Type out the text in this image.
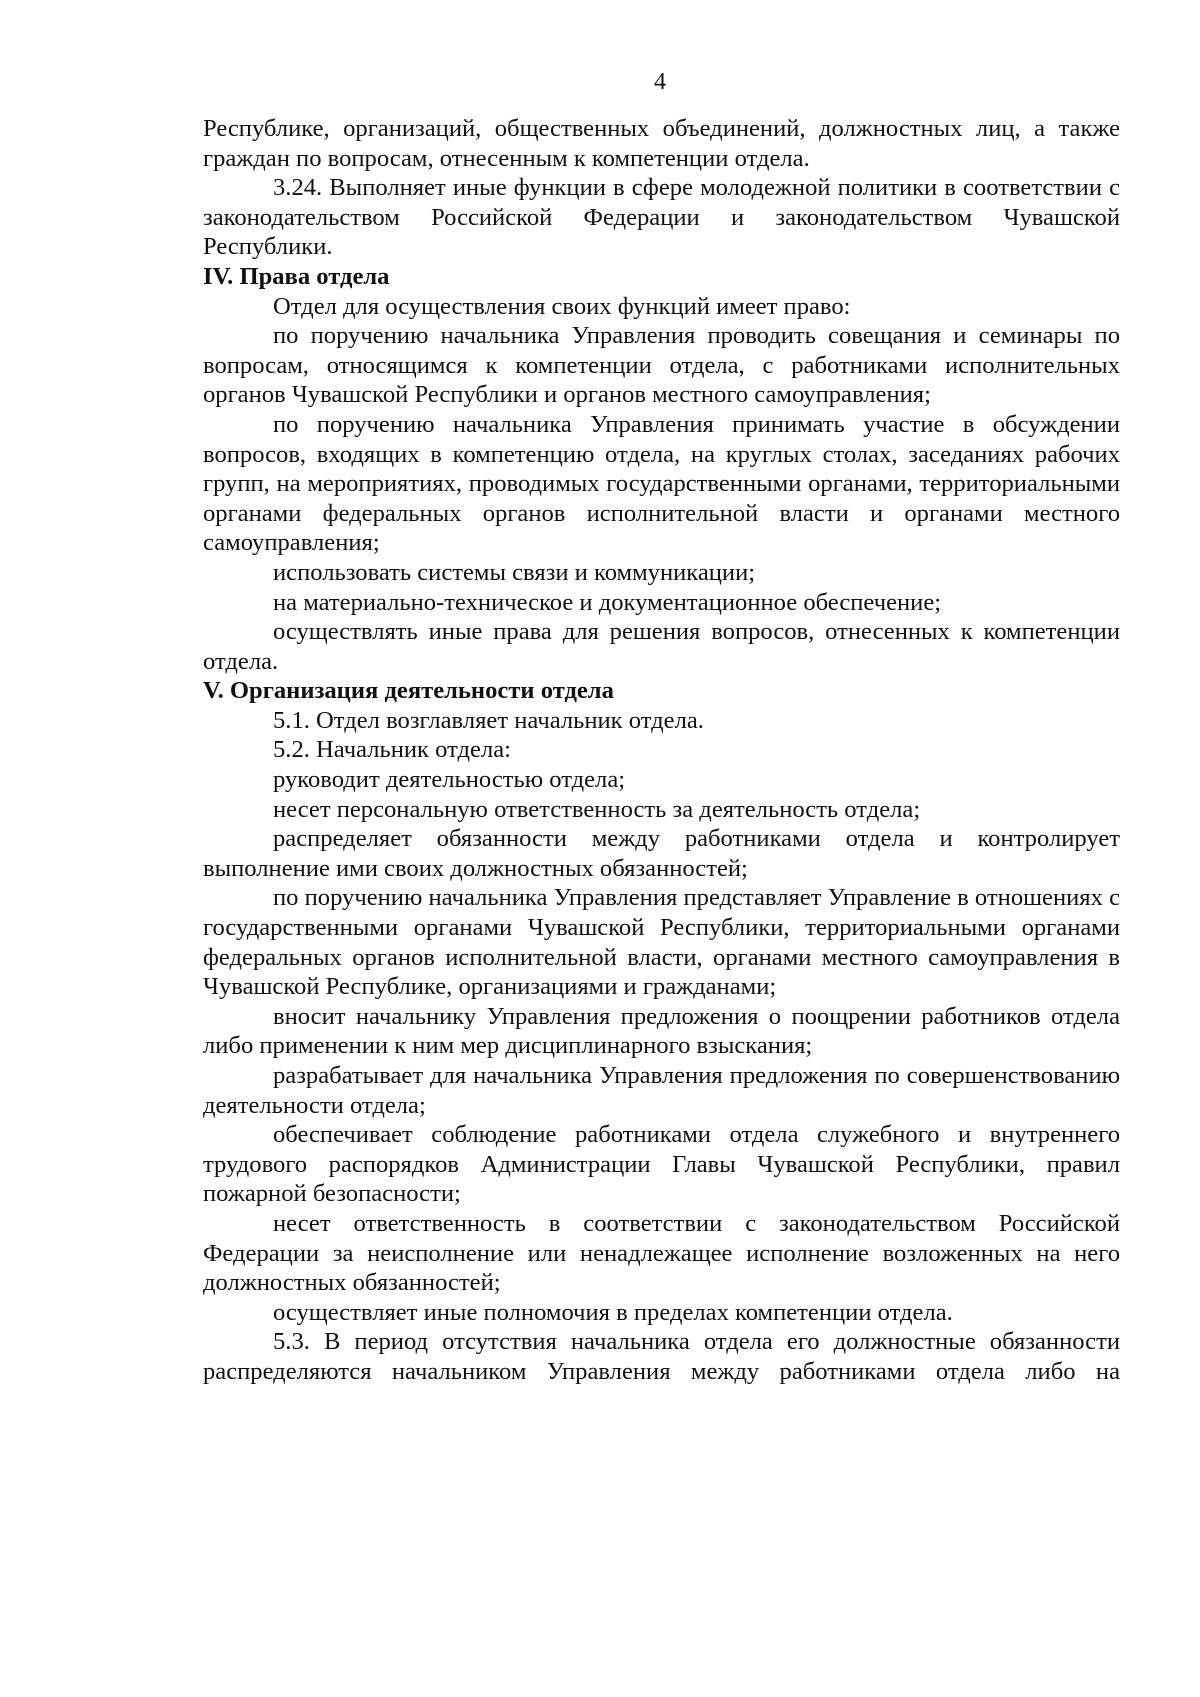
4

Республике, организаций, общественных объединений, должностных лиц, а также граждан по вопросам, отнесенным к компетенции отдела.

3.24. Выполняет иные функции в сфере молодежной политики в соответствии с законодательством Российской Федерации и законодательством Чувашской Республики.

IV. Права отдела

Отдел для осуществления своих функций имеет право:

по поручению начальника Управления проводить совещания и семинары по вопросам, относящимся к компетенции отдела, с работниками исполнительных органов Чувашской Республики и органов местного самоуправления;

по поручению начальника Управления принимать участие в обсуждении вопросов, входящих в компетенцию отдела, на круглых столах, заседаниях рабочих групп, на мероприятиях, проводимых государственными органами, территориальными органами федеральных органов исполнительной власти и органами местного самоуправления;

использовать системы связи и коммуникации;

на материально-техническое и документационное обеспечение;

осуществлять иные права для решения вопросов, отнесенных к компетенции отдела.

V. Организация деятельности отдела

5.1. Отдел возглавляет начальник отдела.

5.2. Начальник отдела:

руководит деятельностью отдела;

несет персональную ответственность за деятельность отдела;

распределяет обязанности между работниками отдела и контролирует выполнение ими своих должностных обязанностей;

по поручению начальника Управления представляет Управление в отношениях с государственными органами Чувашской Республики, территориальными органами федеральных органов исполнительной власти, органами местного самоуправления в Чувашской Республике, организациями и гражданами;

вносит начальнику Управления предложения о поощрении работников отдела либо применении к ним мер дисциплинарного взыскания;

разрабатывает для начальника Управления предложения по совершенствованию деятельности отдела;

обеспечивает соблюдение работниками отдела служебного и внутреннего трудового распорядков Администрации Главы Чувашской Республики, правил пожарной безопасности;

несет ответственность в соответствии с законодательством Российской Федерации за неисполнение или ненадлежащее исполнение возложенных на него должностных обязанностей;

осуществляет иные полномочия в пределах компетенции отдела.

5.3. В период отсутствия начальника отдела его должностные обязанности распределяются начальником Управления между работниками отдела либо на
